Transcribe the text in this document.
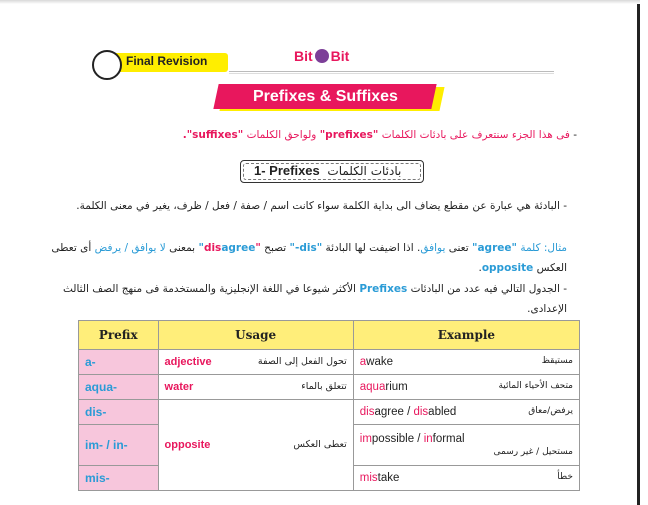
Final Revision	Bit Bit
Prefixes & Suffixes
- فى هذا الجزء سنتعرف على بادئات الكلمات "prefixes" ولواحق الكلمات "suffixes".
1- Prefixes بادئات الكلمات
- البادئة هي عبارة عن مقطع يضاف الى بداية الكلمة سواء كانت اسم / صفة / فعل / ظرف، يغير في معنى الكلمة.
مثال: كلمة "agree" تعنى يوافق. اذا اضيفت لها البادئة "dis-" تصبح "disagree" بمعنى لا يوافق / يرفض أى تعطى العكس opposite.
- الجدول التالي فيه عدد من البادئات Prefixes الأكثر شيوعا في اللغة الإنجليزية والمستخدمة فى منهج الصف الثالث الإعدادى.
Prefix	Usage	Example
a-	adjective تحول الفعل إلى الصفة	awake مستيقظ

aqua-	water تتعلق بالماء	aquarium متحف الأحياء المائية

dis-	opposite تعطى العكس	disagree / disabled يرفض/معاق

im- / in-		impossible / informal
مستحيل / غير رسمى

mis-		mistake خطأ
